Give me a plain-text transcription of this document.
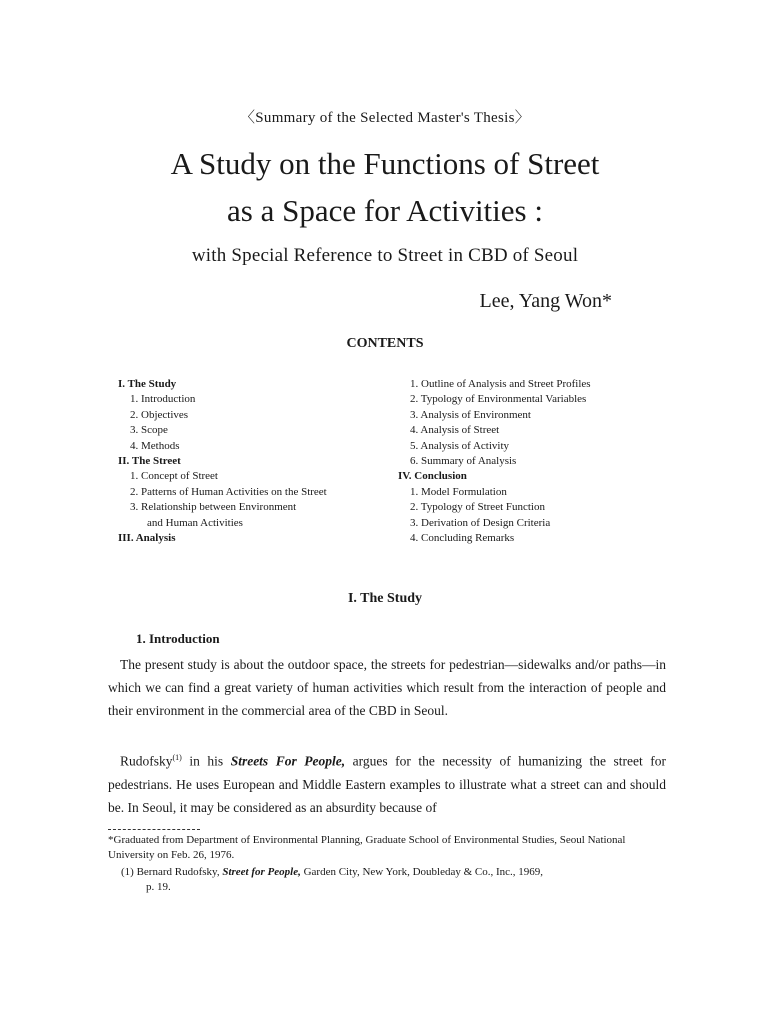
〈Summary of the Selected Master's Thesis〉
A Study on the Functions of Street
as a Space for Activities :
with Special Reference to Street in CBD of Seoul
Lee, Yang Won*
CONTENTS
I. The Study
1. Introduction
2. Objectives
3. Scope
4. Methods
II. The Street
1. Concept of Street
2. Patterns of Human Activities on the Street
3. Relationship between Environment
and Human Activities
III. Analysis
1. Outline of Analysis and Street Profiles
2. Typology of Environmental Variables
3. Analysis of Environment
4. Analysis of Street
5. Analysis of Activity
6. Summary of Analysis
IV. Conclusion
1. Model Formulation
2. Typology of Street Function
3. Derivation of Design Criteria
4. Concluding Remarks
I. The Study
1. Introduction
The present study is about the outdoor space, the streets for pedestrian—sidewalks and/or paths—in which we can find a great variety of human activities which result from the interaction of people and their environment in the commercial area of the CBD in Seoul.
Rudofsky$^{(1)}$ in his Streets For People, argues for the necessity of humanizing the street for pedestrians. He uses European and Middle Eastern examples to illustrate what a street can and should be. In Seoul, it may be considered as an absurdity because of
*Graduated from Department of Environmental Planning, Graduate School of Environmental Studies, Seoul National University on Feb. 26, 1976.
(1) Bernard Rudofsky, Street for People, Garden City, New York, Doubleday & Co., Inc., 1969,
p. 19.
